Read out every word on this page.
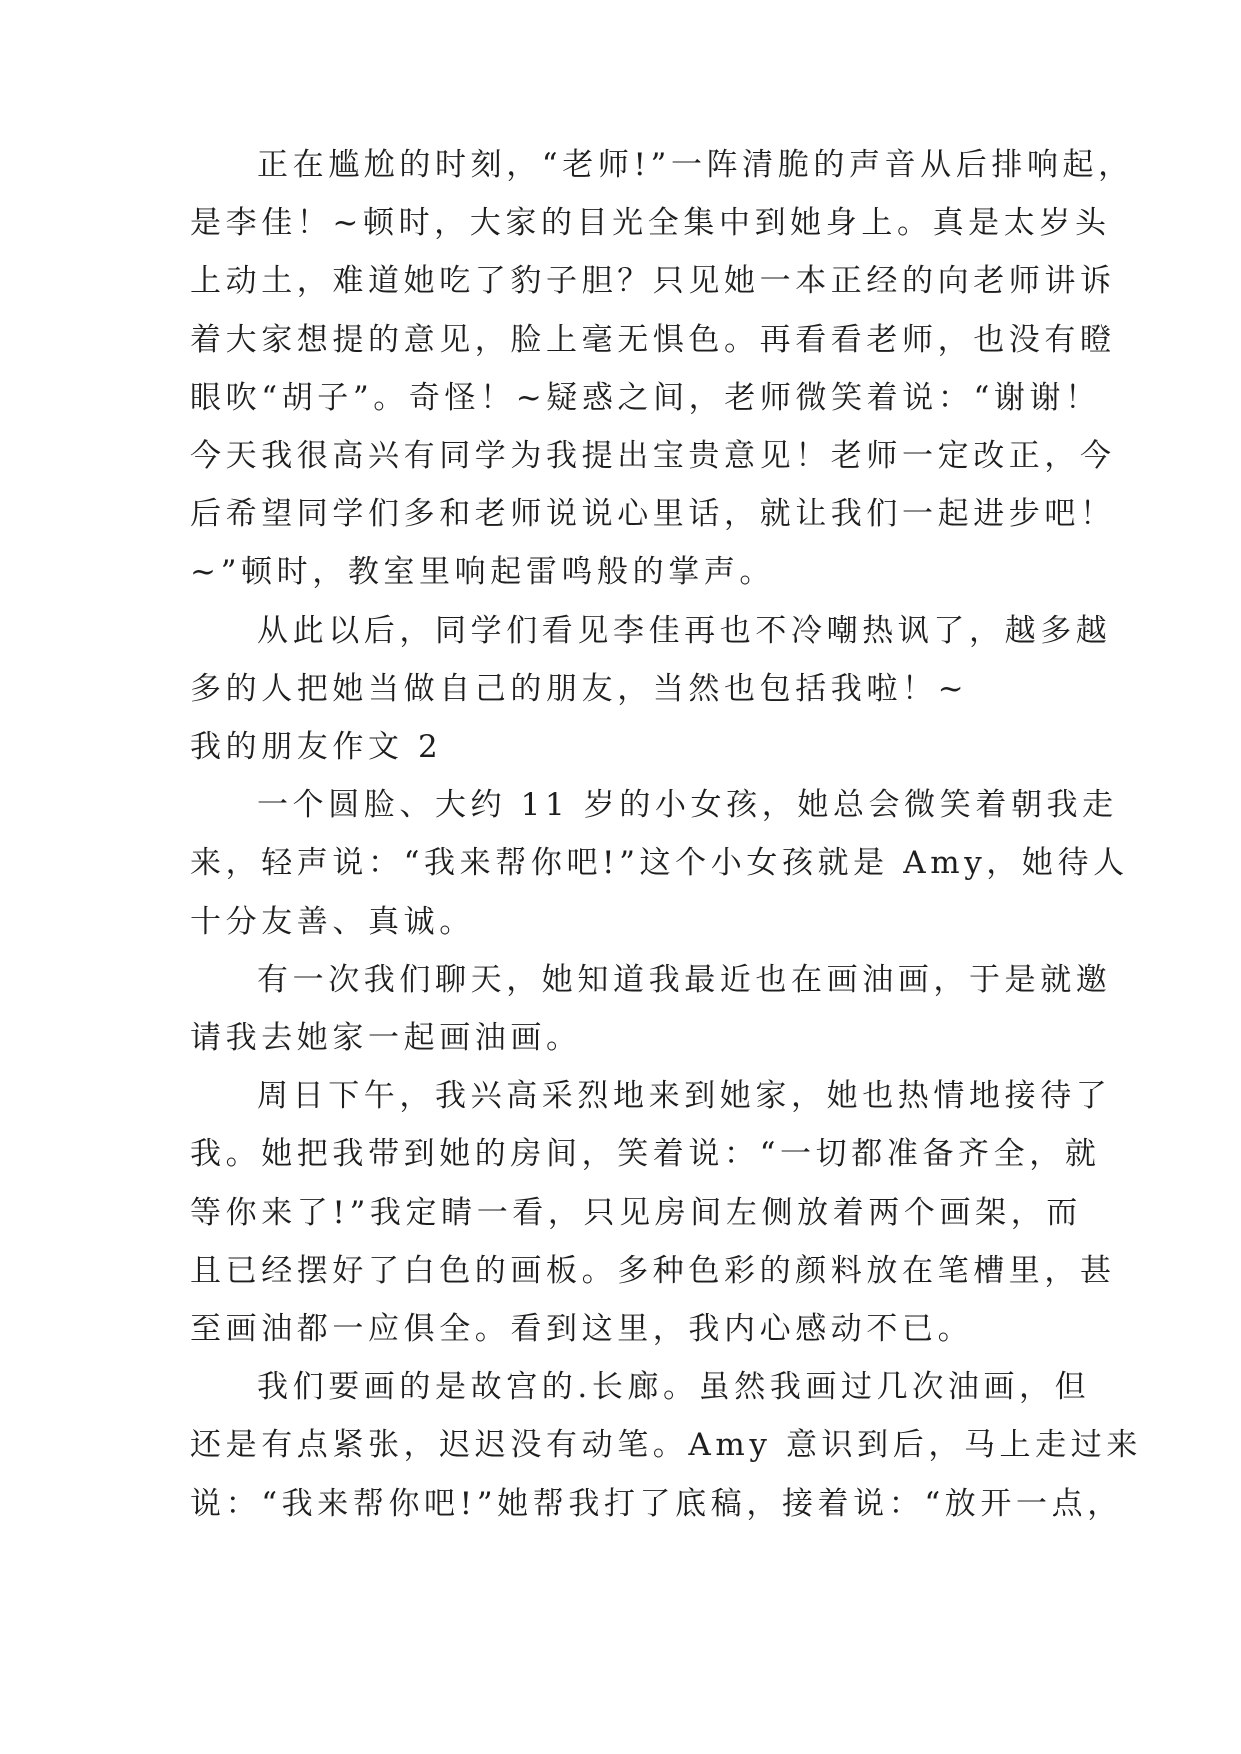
正在尴尬的时刻，“老师!”一阵清脆的声音从后排响起，
是李佳！~顿时，大家的目光全集中到她身上。真是太岁头
上动土，难道她吃了豹子胆？只见她一本正经的向老师讲诉
着大家想提的意见，脸上毫无惧色。再看看老师，也没有瞪
眼吹“胡子”。奇怪！~疑惑之间，老师微笑着说：“谢谢！
今天我很高兴有同学为我提出宝贵意见！老师一定改正，今
后希望同学们多和老师说说心里话，就让我们一起进步吧！
~”顿时，教室里响起雷鸣般的掌声。
从此以后，同学们看见李佳再也不冷嘲热讽了，越多越
多的人把她当做自己的朋友，当然也包括我啦！~
我的朋友作文 2
一个圆脸、大约 11 岁的小女孩，她总会微笑着朝我走
来，轻声说：“我来帮你吧!”这个小女孩就是 Amy，她待人
十分友善、真诚。
有一次我们聊天，她知道我最近也在画油画，于是就邀
请我去她家一起画油画。
周日下午，我兴高采烈地来到她家，她也热情地接待了
我。她把我带到她的房间，笑着说：“一切都准备齐全，就
等你来了!”我定睛一看，只见房间左侧放着两个画架，而
且已经摆好了白色的画板。多种色彩的颜料放在笔槽里，甚
至画油都一应俱全。看到这里，我内心感动不已。
我们要画的是故宫的.长廊。虽然我画过几次油画，但
还是有点紧张，迟迟没有动笔。Amy 意识到后，马上走过来
说：“我来帮你吧!”她帮我打了底稿，接着说：“放开一点，
